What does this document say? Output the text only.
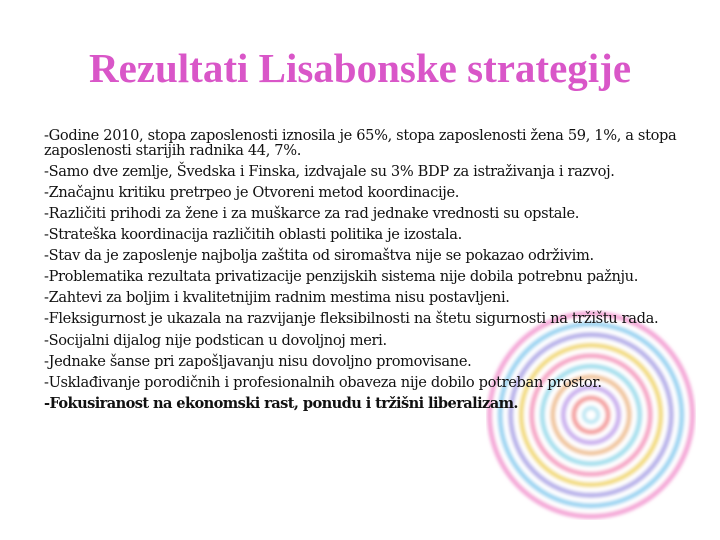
Rezultati Lisabonske strategije
-Godine 2010, stopa zaposlenosti iznosila je 65%, stopa zaposlenosti žena 59, 1%, a stopa zaposlenosti starijih radnika 44, 7%.
-Samo dve zemlje, Švedska i Finska, izdvajale su 3% BDP za istraživanja i razvoj.
-Značajnu kritiku pretrpeo je Otvoreni metod koordinacije.
-Različiti prihodi za žene i za muškarce za rad jednake vrednosti su opstale.
-Strateška koordinacija različitih oblasti politika je izostala.
-Stav da je zaposlenje najbolja zaštita od siromaštva nije se pokazao održivim.
-Problematika rezultata privatizacije penzijskih sistema nije dobila potrebnu pažnju.
-Zahtevi za boljim i kvalitetnijim radnim mestima nisu postavljeni.
-Fleksigurnost je ukazala na razvijanje fleksibilnosti na štetu sigurnosti na tržištu rada.
-Socijalni dijalog nije podstican u dovoljnoj meri.
-Jednake šanse pri zapošljavanju nisu dovoljno promovisane.
-Usklađivanje porodičnih i profesionalnih obaveza nije dobilo potreban prostor.
-Fokusiranost na ekonomski rast, ponudu i tržišni liberalizam.
